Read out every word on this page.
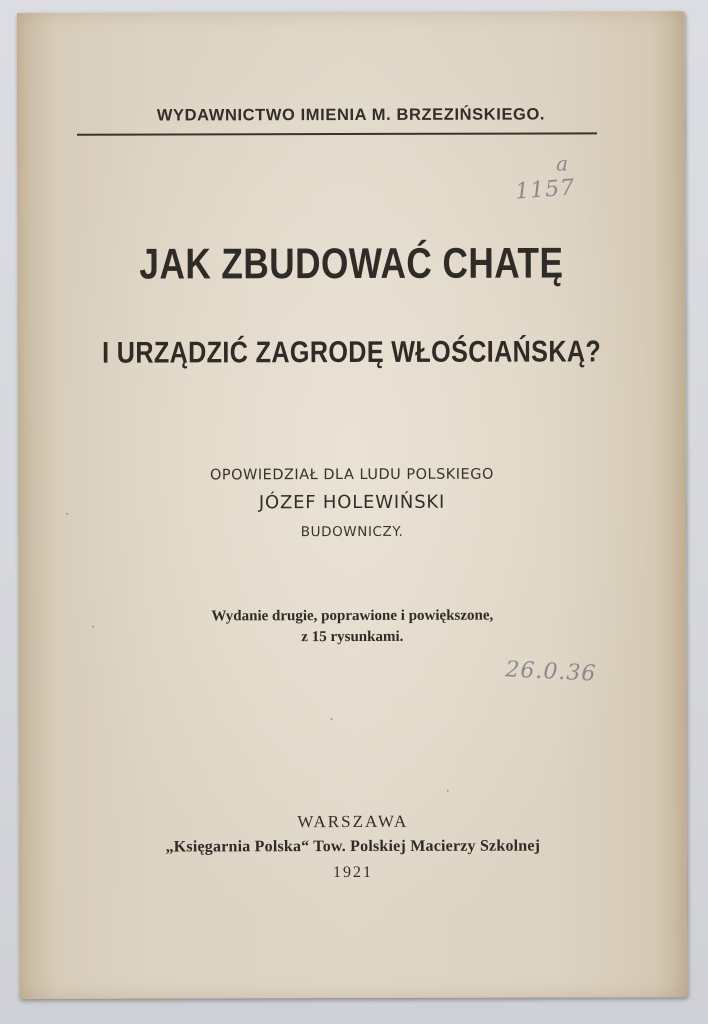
WYDAWNICTWO IMIENIA M. BRZEZIŃSKIEGO.
a
1157
JAK ZBUDOWAĆ CHATĘ
I URZĄDZIĆ ZAGRODĘ WŁOŚCIAŃSKĄ?
OPOWIEDZIAŁ DLA LUDU POLSKIEGO
JÓZEF HOLEWIŃSKI
BUDOWNICZY.
Wydanie drugie, poprawione i powiększone,
z 15 rysunkami.
26.0.36
WARSZAWA
„Księgarnia Polska“ Tow. Polskiej Macierzy Szkolnej
1921
